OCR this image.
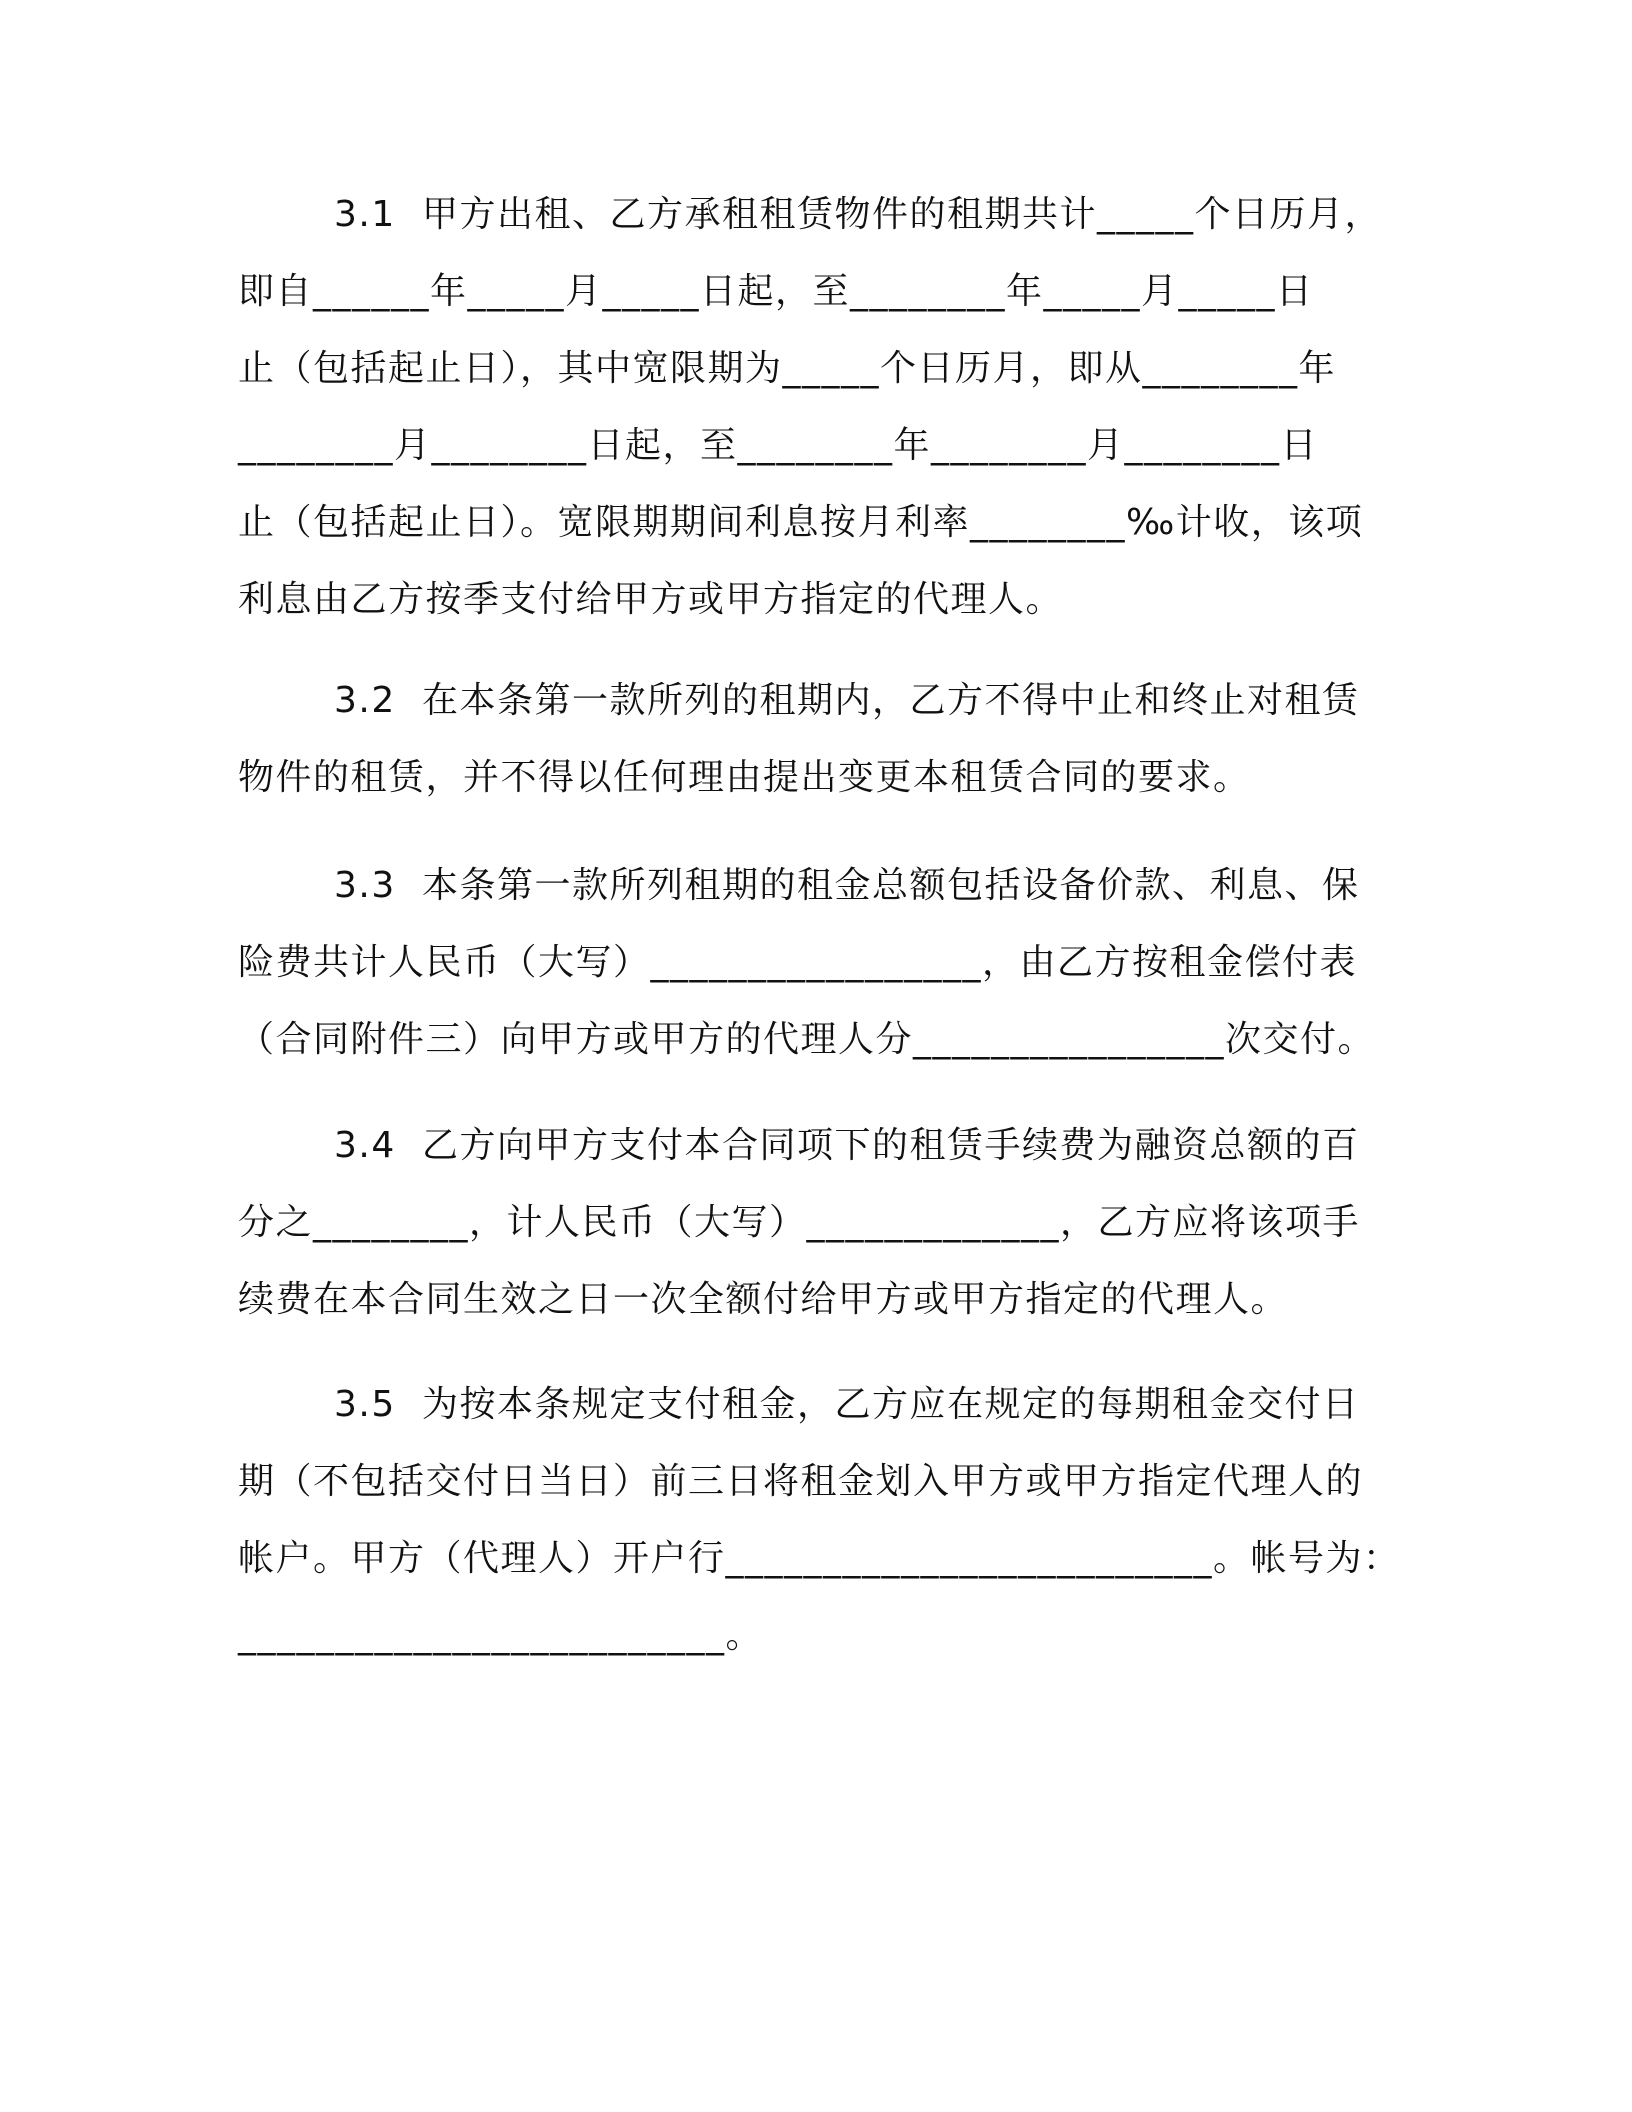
3.1 甲方出租、乙方承租租赁物件的租期共计_____个日历月，
即自______年_____月_____日起，至________年_____月_____日
止（包括起止日），其中宽限期为_____个日历月，即从________年
________月________日起，至________年________月________日
止（包括起止日）。宽限期期间利息按月利率________‰计收，该项
利息由乙方按季支付给甲方或甲方指定的代理人。
3.2 在本条第一款所列的租期内，乙方不得中止和终止对租赁
物件的租赁，并不得以任何理由提出变更本租赁合同的要求。
3.3 本条第一款所列租期的租金总额包括设备价款、利息、保
险费共计人民币（大写）_________________，由乙方按租金偿付表
（合同附件三）向甲方或甲方的代理人分________________次交付。
3.4 乙方向甲方支付本合同项下的租赁手续费为融资总额的百
分之________，计人民币（大写）_____________，乙方应将该项手
续费在本合同生效之日一次全额付给甲方或甲方指定的代理人。
3.5 为按本条规定支付租金，乙方应在规定的每期租金交付日
期（不包括交付日当日）前三日将租金划入甲方或甲方指定代理人的
帐户。甲方（代理人）开户行_________________________。帐号为：
_________________________。
